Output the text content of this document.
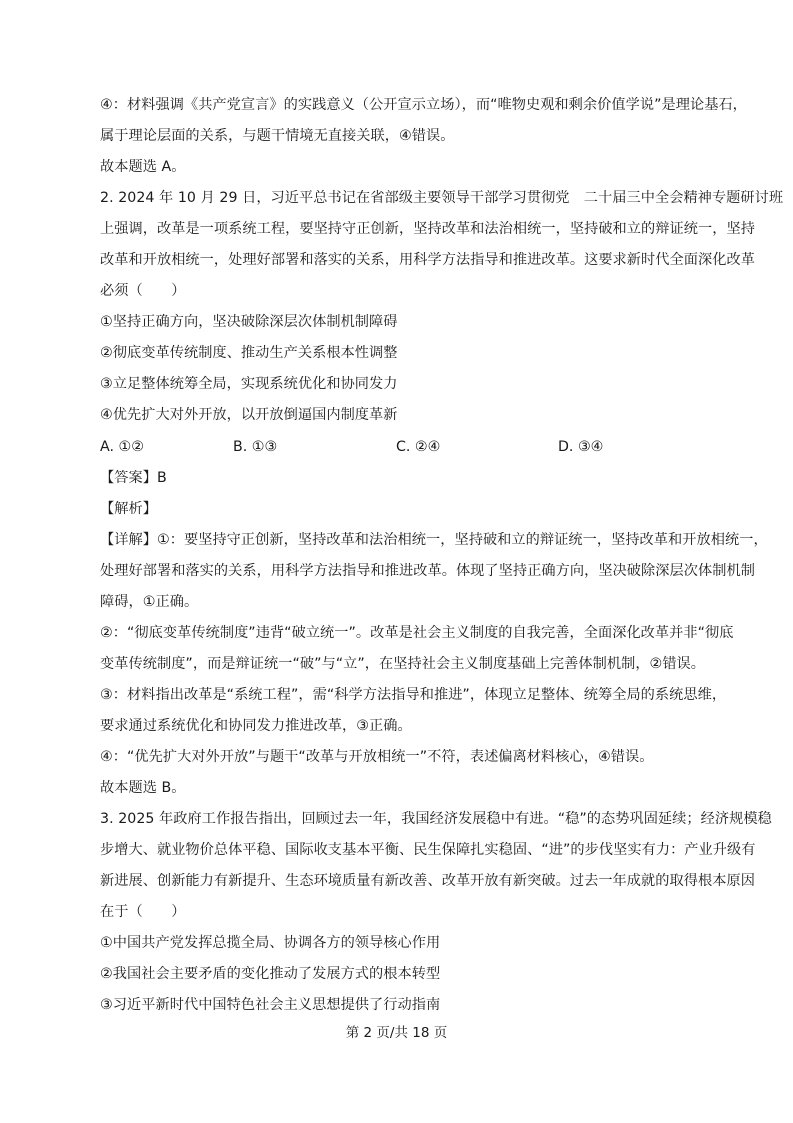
④：材料强调《共产党宣言》的实践意义（公开宣示立场），而“唯物史观和剩余价值学说”是理论基石，
属于理论层面的关系，与题干情境无直接关联，④错误。
故本题选 A。
2. 2024 年 10 月 29 日，习近平总书记在省部级主要领导干部学习贯彻党　二十届三中全会精神专题研讨班
上强调，改革是一项系统工程，要坚持守正创新，坚持改革和法治相统一，坚持破和立的辩证统一，坚持
改革和开放相统一，处理好部署和落实的关系，用科学方法指导和推进改革。这要求新时代全面深化改革
必须（　　）
①坚持正确方向，坚决破除深层次体制机制障碍
②彻底变革传统制度、推动生产关系根本性调整
③立足整体统筹全局，实现系统优化和协同发力
④优先扩大对外开放，以开放倒逼国内制度革新
A. ①②	B. ①③	C. ②④	D. ③④
【答案】B
【解析】
【详解】①：要坚持守正创新，坚持改革和法治相统一，坚持破和立的辩证统一，坚持改革和开放相统一，
处理好部署和落实的关系，用科学方法指导和推进改革。体现了坚持正确方向，坚决破除深层次体制机制
障碍，①正确。
②：“彻底变革传统制度”违背“破立统一”。改革是社会主义制度的自我完善，全面深化改革并非“彻底
变革传统制度”，而是辩证统一“破”与“立”，在坚持社会主义制度基础上完善体制机制，②错误。
③：材料指出改革是“系统工程”，需“科学方法指导和推进”，体现立足整体、统筹全局的系统思维，
要求通过系统优化和协同发力推进改革，③正确。
④：“优先扩大对外开放”与题干“改革与开放相统一”不符，表述偏离材料核心，④错误。
故本题选 B。
3. 2025 年政府工作报告指出，回顾过去一年，我国经济发展稳中有进。“稳”的态势巩固延续；经济规模稳
步增大、就业物价总体平稳、国际收支基本平衡、民生保障扎实稳固、“进”的步伐坚实有力：产业升级有
新进展、创新能力有新提升、生态环境质量有新改善、改革开放有新突破。过去一年成就的取得根本原因
在于（　　）
①中国共产党发挥总揽全局、协调各方的领导核心作用
②我国社会主要矛盾的变化推动了发展方式的根本转型
③习近平新时代中国特色社会主义思想提供了行动指南
第 2 页/共 18 页
